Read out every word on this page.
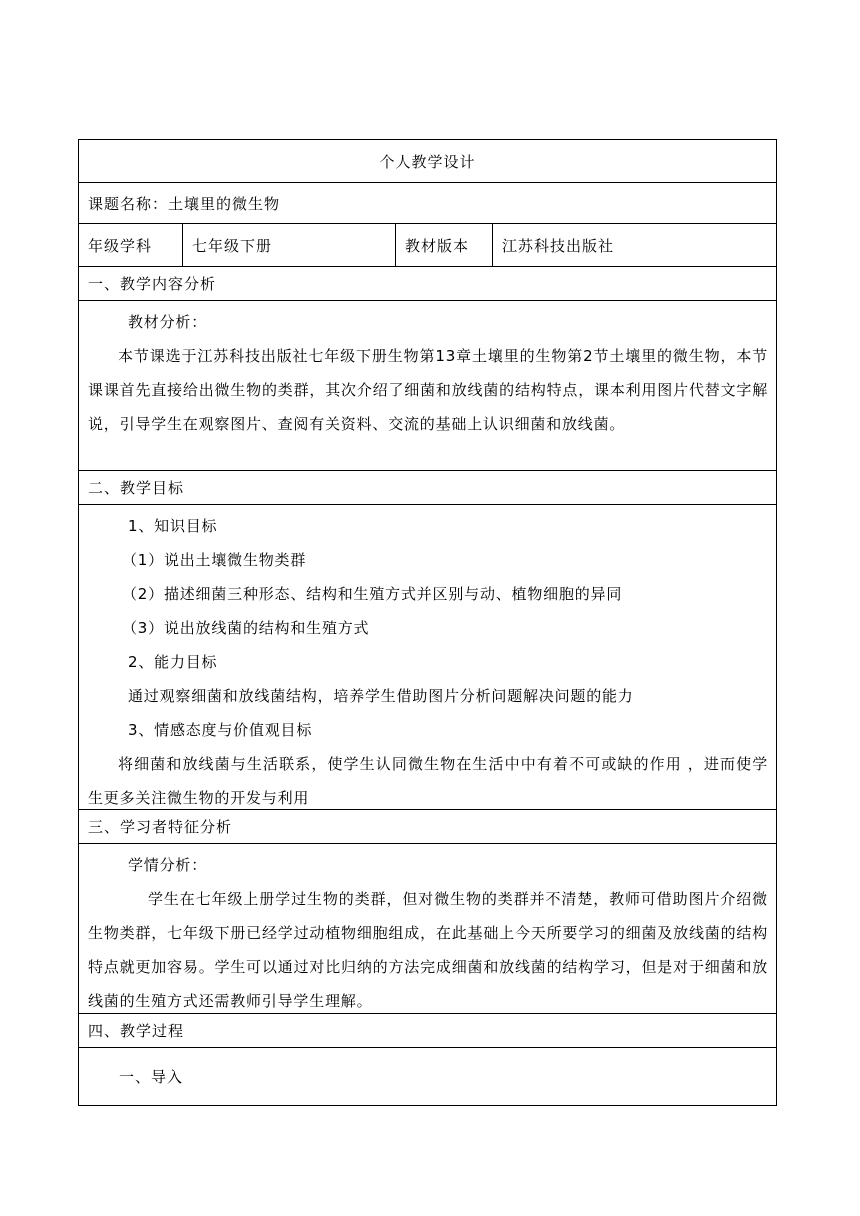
个人教学设计
课题名称：土壤里的微生物
年级学科	七年级下册	教材版本	江苏科技出版社
一、教学内容分析

教材分析：

本节课选于江苏科技出版社七年级下册生物第13章土壤里的生物第2节土壤里的微生物，本节课课首先直接给出微生物的类群，其次介绍了细菌和放线菌的结构特点，课本利用图片代替文字解说，引导学生在观察图片、查阅有关资料、交流的基础上认识细菌和放线菌。

二、教学目标

1、知识目标

（1）说出土壤微生物类群

（2）描述细菌三种形态、结构和生殖方式并区别与动、植物细胞的异同

（3）说出放线菌的结构和生殖方式

2、能力目标

通过观察细菌和放线菌结构，培养学生借助图片分析问题解决问题的能力

3、情感态度与价值观目标

将细菌和放线菌与生活联系，使学生认同微生物在生活中中有着不可或缺的作用 ，进而使学生更多关注微生物的开发与利用

三、学习者特征分析

学情分析：

学生在七年级上册学过生物的类群，但对微生物的类群并不清楚，教师可借助图片介绍微生物类群，七年级下册已经学过动植物细胞组成，在此基础上今天所要学习的细菌及放线菌的结构特点就更加容易。学生可以通过对比归纳的方法完成细菌和放线菌的结构学习，但是对于细菌和放线菌的生殖方式还需教师引导学生理解。

四、教学过程
一、导入
